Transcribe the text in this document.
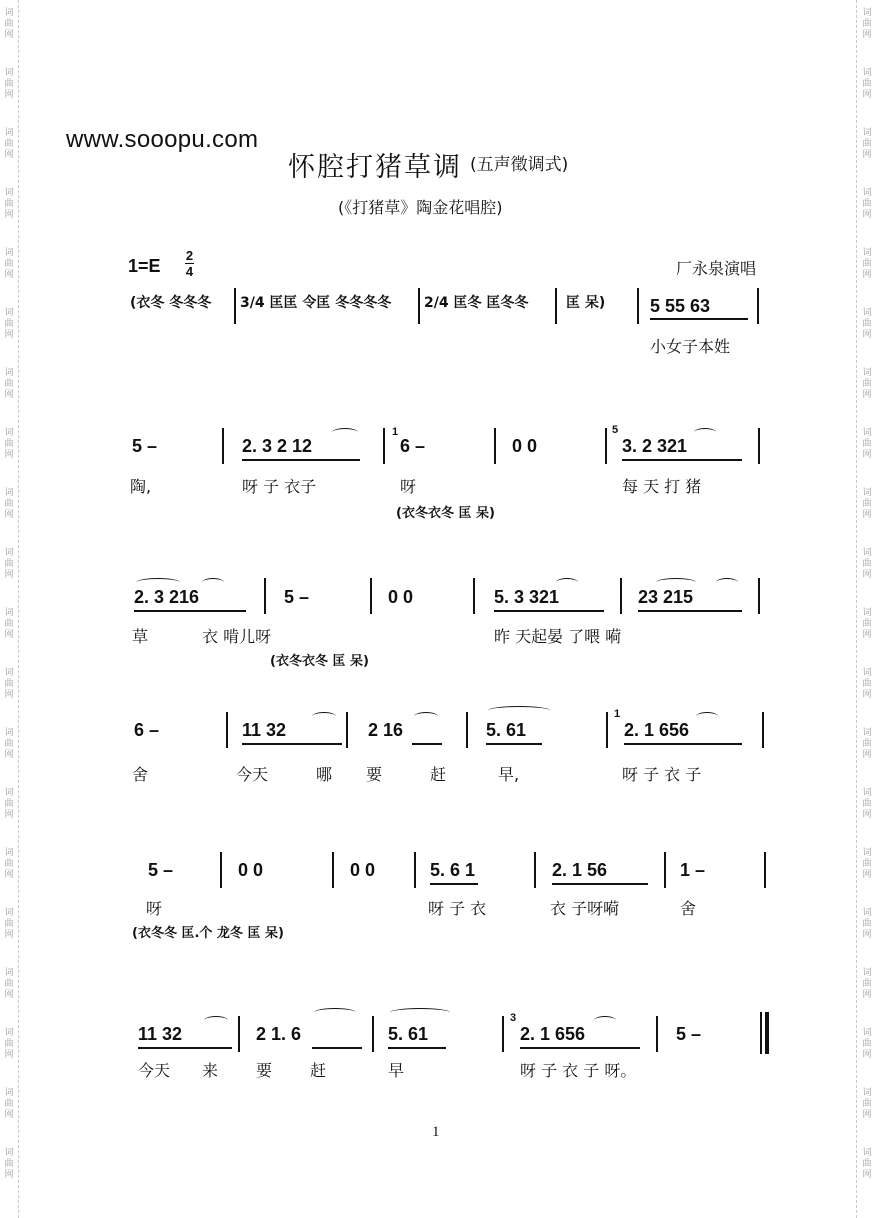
词
曲
网
词
曲
网
词
曲
网
词
曲
网
词
曲
网
词
曲
网
词
曲
网
词
曲
网
词
曲
网
词
曲
网
词
曲
网
词
曲
网
词
曲
网
词
曲
网
词
曲
网
词
曲
网
词
曲
网
词
曲
网
词
曲
网
词
曲
网
词
曲
网
词
曲
网
词
曲
网
词
曲
网
词
曲
网
词
曲
网
词
曲
网
词
曲
网
词
曲
网
词
曲
网
词
曲
网
词
曲
网
词
曲
网
词
曲
网
词
曲
网
词
曲
网
词
曲
网
词
曲
网
词
曲
网
词
曲
网
www.sooopu.com
怀腔打猪草调 (五声徵调式)
(《打猪草》陶金花唱腔)
1=E
2
4	厂永泉演唱
(衣冬 冬冬冬 3/4 匡匡 令匡 冬冬冬冬 2/4 匡冬 匡冬冬	匡 呆) 5 55 63
小女子本姓
5 –	2. 3 2 12
1
6 –	0 0
5
3. 2 321
陶,	呀 子 衣子	呀	每 天 打 猪
(衣冬衣冬 匡 呆)
2. 3 216	5 –	0 0	5. 3 321	23 215
草	衣 啃儿呀	昨 天起晏 了喂 嗬
(衣冬衣冬 匡 呆)
6 –	11 32	2 16	5. 61
1
2. 1 656
舍	今天	哪 要	赶	早,	呀 子 衣 子
5 –	0 0	0 0	5. 6 1	2. 1 56	1 –
呀	呀 子 衣	衣 子呀嗬	舍
(衣冬冬 匡.个 龙冬 匡 呆)
11 32	2 1. 6	5. 61
3
2. 1 656	5 –
今天 来 要 赶	早	呀 子 衣 子 呀。
1
